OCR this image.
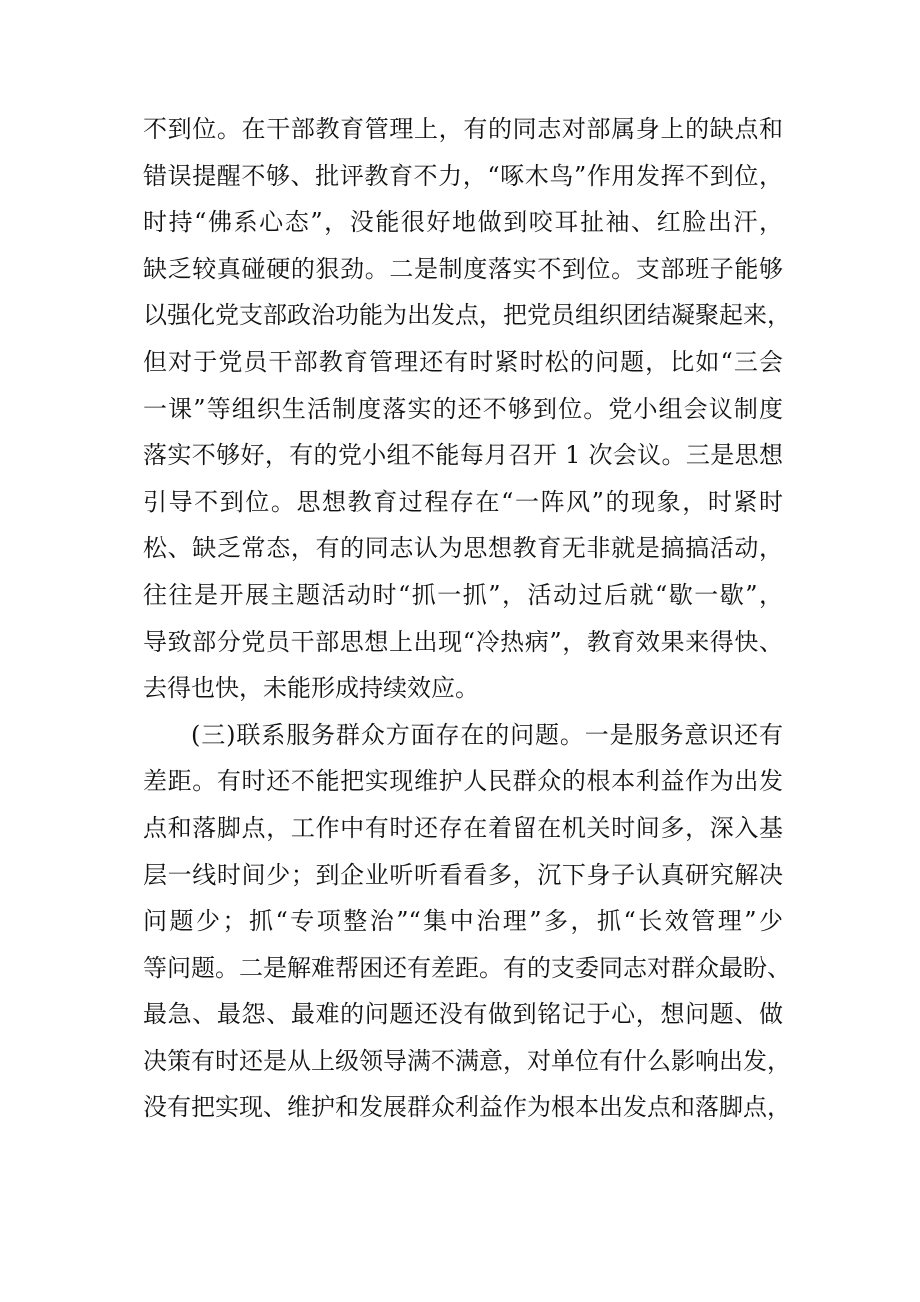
不到位。在干部教育管理上，有的同志对部属身上的缺点和
错误提醒不够、批评教育不力，“啄木鸟”作用发挥不到位，
时持“佛系心态”，没能很好地做到咬耳扯袖、红脸出汗，
缺乏较真碰硬的狠劲。二是制度落实不到位。支部班子能够
以强化党支部政治功能为出发点，把党员组织团结凝聚起来，
但对于党员干部教育管理还有时紧时松的问题，比如“三会
一课”等组织生活制度落实的还不够到位。党小组会议制度
落实不够好，有的党小组不能每月召开 1 次会议。三是思想
引导不到位。思想教育过程存在“一阵风”的现象，时紧时
松、缺乏常态，有的同志认为思想教育无非就是搞搞活动，
往往是开展主题活动时“抓一抓”，活动过后就“歇一歇”，
导致部分党员干部思想上出现“冷热病”，教育效果来得快、
去得也快，未能形成持续效应。
(三)联系服务群众方面存在的问题。一是服务意识还有
差距。有时还不能把实现维护人民群众的根本利益作为出发
点和落脚点，工作中有时还存在着留在机关时间多，深入基
层一线时间少；到企业听听看看多，沉下身子认真研究解决
问题少；抓“专项整治”“集中治理”多，抓“长效管理”少
等问题。二是解难帮困还有差距。有的支委同志对群众最盼、
最急、最怨、最难的问题还没有做到铭记于心，想问题、做
决策有时还是从上级领导满不满意，对单位有什么影响出发，
没有把实现、维护和发展群众利益作为根本出发点和落脚点，
